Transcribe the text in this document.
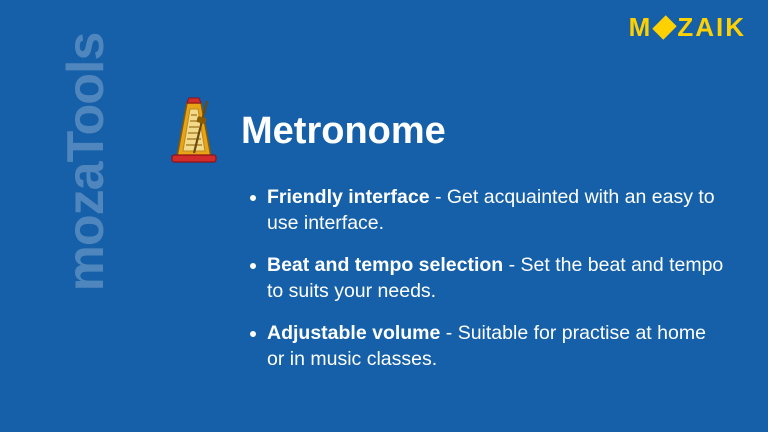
M ZAIK
mozaTools	Metronome
Friendly interface - Get acquainted with an easy to use interface.
Beat and tempo selection - Set the beat and tempo to suits your needs.
Adjustable volume - Suitable for practise at home or in music classes.
